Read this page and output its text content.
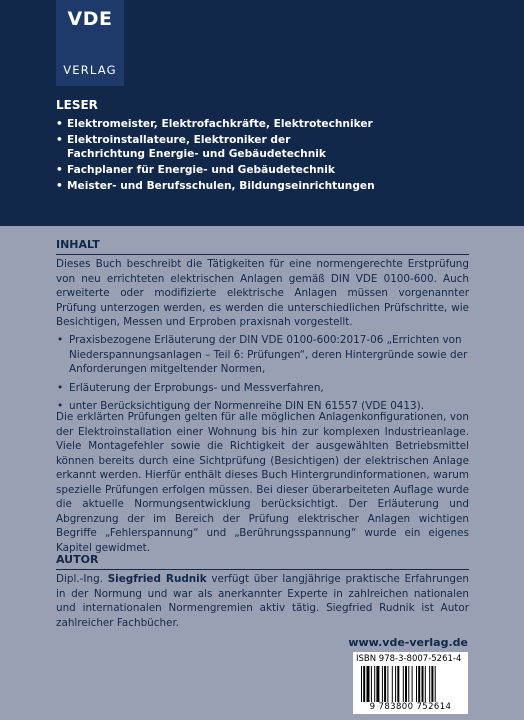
VDE
VERLAG
LESER
• Elektromeister, Elektrofachkräfte, Elektrotechniker
• Elektroinstallateure, Elektroniker der Fachrichtung Energie- und Gebäudetechnik
• Fachplaner für Energie- und Gebäudetechnik
• Meister- und Berufsschulen, Bildungseinrichtungen
INHALT

Dieses Buch beschreibt die Tätigkeiten für eine normengerechte Erstprüfung von neu errichteten elektrischen Anlagen gemäß DIN VDE 0100-600. Auch erweiterte oder modifizierte elektrische Anlagen müssen vorgenannter Prüfung unterzogen werden, es werden die unterschiedlichen Prüfschritte, wie Besichtigen, Messen und Erproben praxisnah vorgestellt.

• Praxisbezogene Erläuterung der DIN VDE 0100-600:2017-06 „Errichten von Niederspannungsanlagen – Teil 6: Prüfungen“, deren Hintergründe sowie der Anforderungen mitgeltender Normen,
• Erläuterung der Erprobungs- und Messverfahren,
• unter Berücksichtigung der Normenreihe DIN EN 61557 (VDE 0413).

Die erklärten Prüfungen gelten für alle möglichen Anlagenkonfigurationen, von der Elektroinstallation einer Wohnung bis hin zur komplexen Industrieanlage. Viele Montagefehler sowie die Richtigkeit der ausgewählten Betriebsmittel können bereits durch eine Sichtprüfung (Besichtigen) der elektrischen Anlage erkannt werden. Hierfür enthält dieses Buch Hintergrundinformationen, warum spezielle Prüfungen erfolgen müssen. Bei dieser überarbeiteten Auflage wurde die aktuelle Normungsentwicklung berücksichtigt. Der Erläuterung und Abgrenzung der im Bereich der Prüfung elektrischer Anlagen wichtigen Begriffe „Fehlerspannung“ und „Berührungsspannung“ wurde ein eigenes Kapitel gewidmet.

AUTOR

Dipl.-Ing. Siegfried Rudnik verfügt über langjährige praktische Erfahrungen in der Normung und war als anerkannter Experte in zahlreichen nationalen und internationalen Normengremien aktiv tätig. Siegfried Rudnik ist Autor zahlreicher Fachbücher.

www.vde-verlag.de
ISBN 978-3-8007-5261-4
9 783800 752614
